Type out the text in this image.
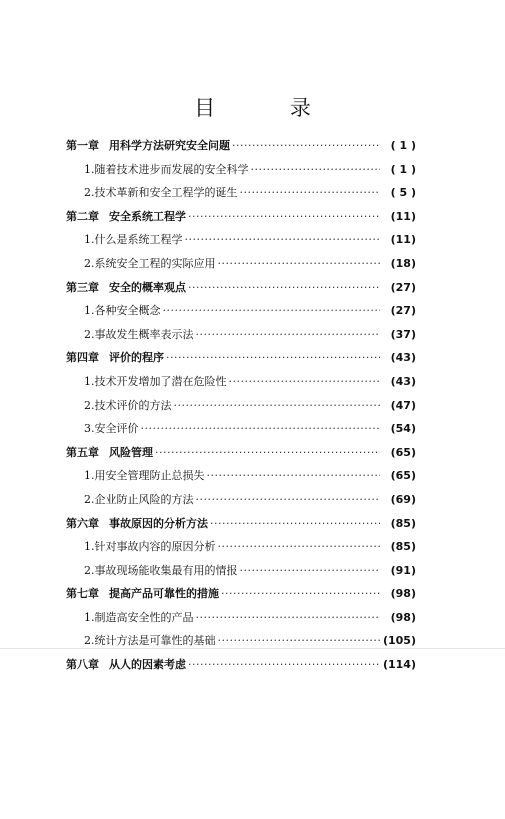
目 录
第一章 用科学方法研究安全问题 ·····	( 1 )
1.随着技术进步而发展的安全科学 ·····	( 1 )
2.技术革新和安全工程学的诞生 ·····	( 5 )
第二章 安全系统工程学 ·····	(11)
1.什么是系统工程学 ·····	(11)
2.系统安全工程的实际应用 ·····	(18)
第三章 安全的概率观点 ·····	(27)
1.各种安全概念 ·····	(27)
2.事故发生概率表示法 ·····	(37)
第四章 评价的程序 ·····	(43)
1.技术开发增加了潜在危险性 ·····	(43)
2.技术评价的方法 ·····	(47)
3.安全评价 ·····	(54)
第五章 风险管理 ·····	(65)
1.用安全管理防止总损失 ·····	(65)
2.企业防止风险的方法 ·····	(69)
第六章 事故原因的分析方法 ·····	(85)
1.针对事故内容的原因分析 ·····	(85)
2.事故现场能收集最有用的情报 ·····	(91)
第七章 提高产品可靠性的措施 ·····	(98)
1.制造高安全性的产品 ·····	(98)
2.统计方法是可靠性的基础 ·····	(105)
第八章 从人的因素考虑 ·····	(114)
